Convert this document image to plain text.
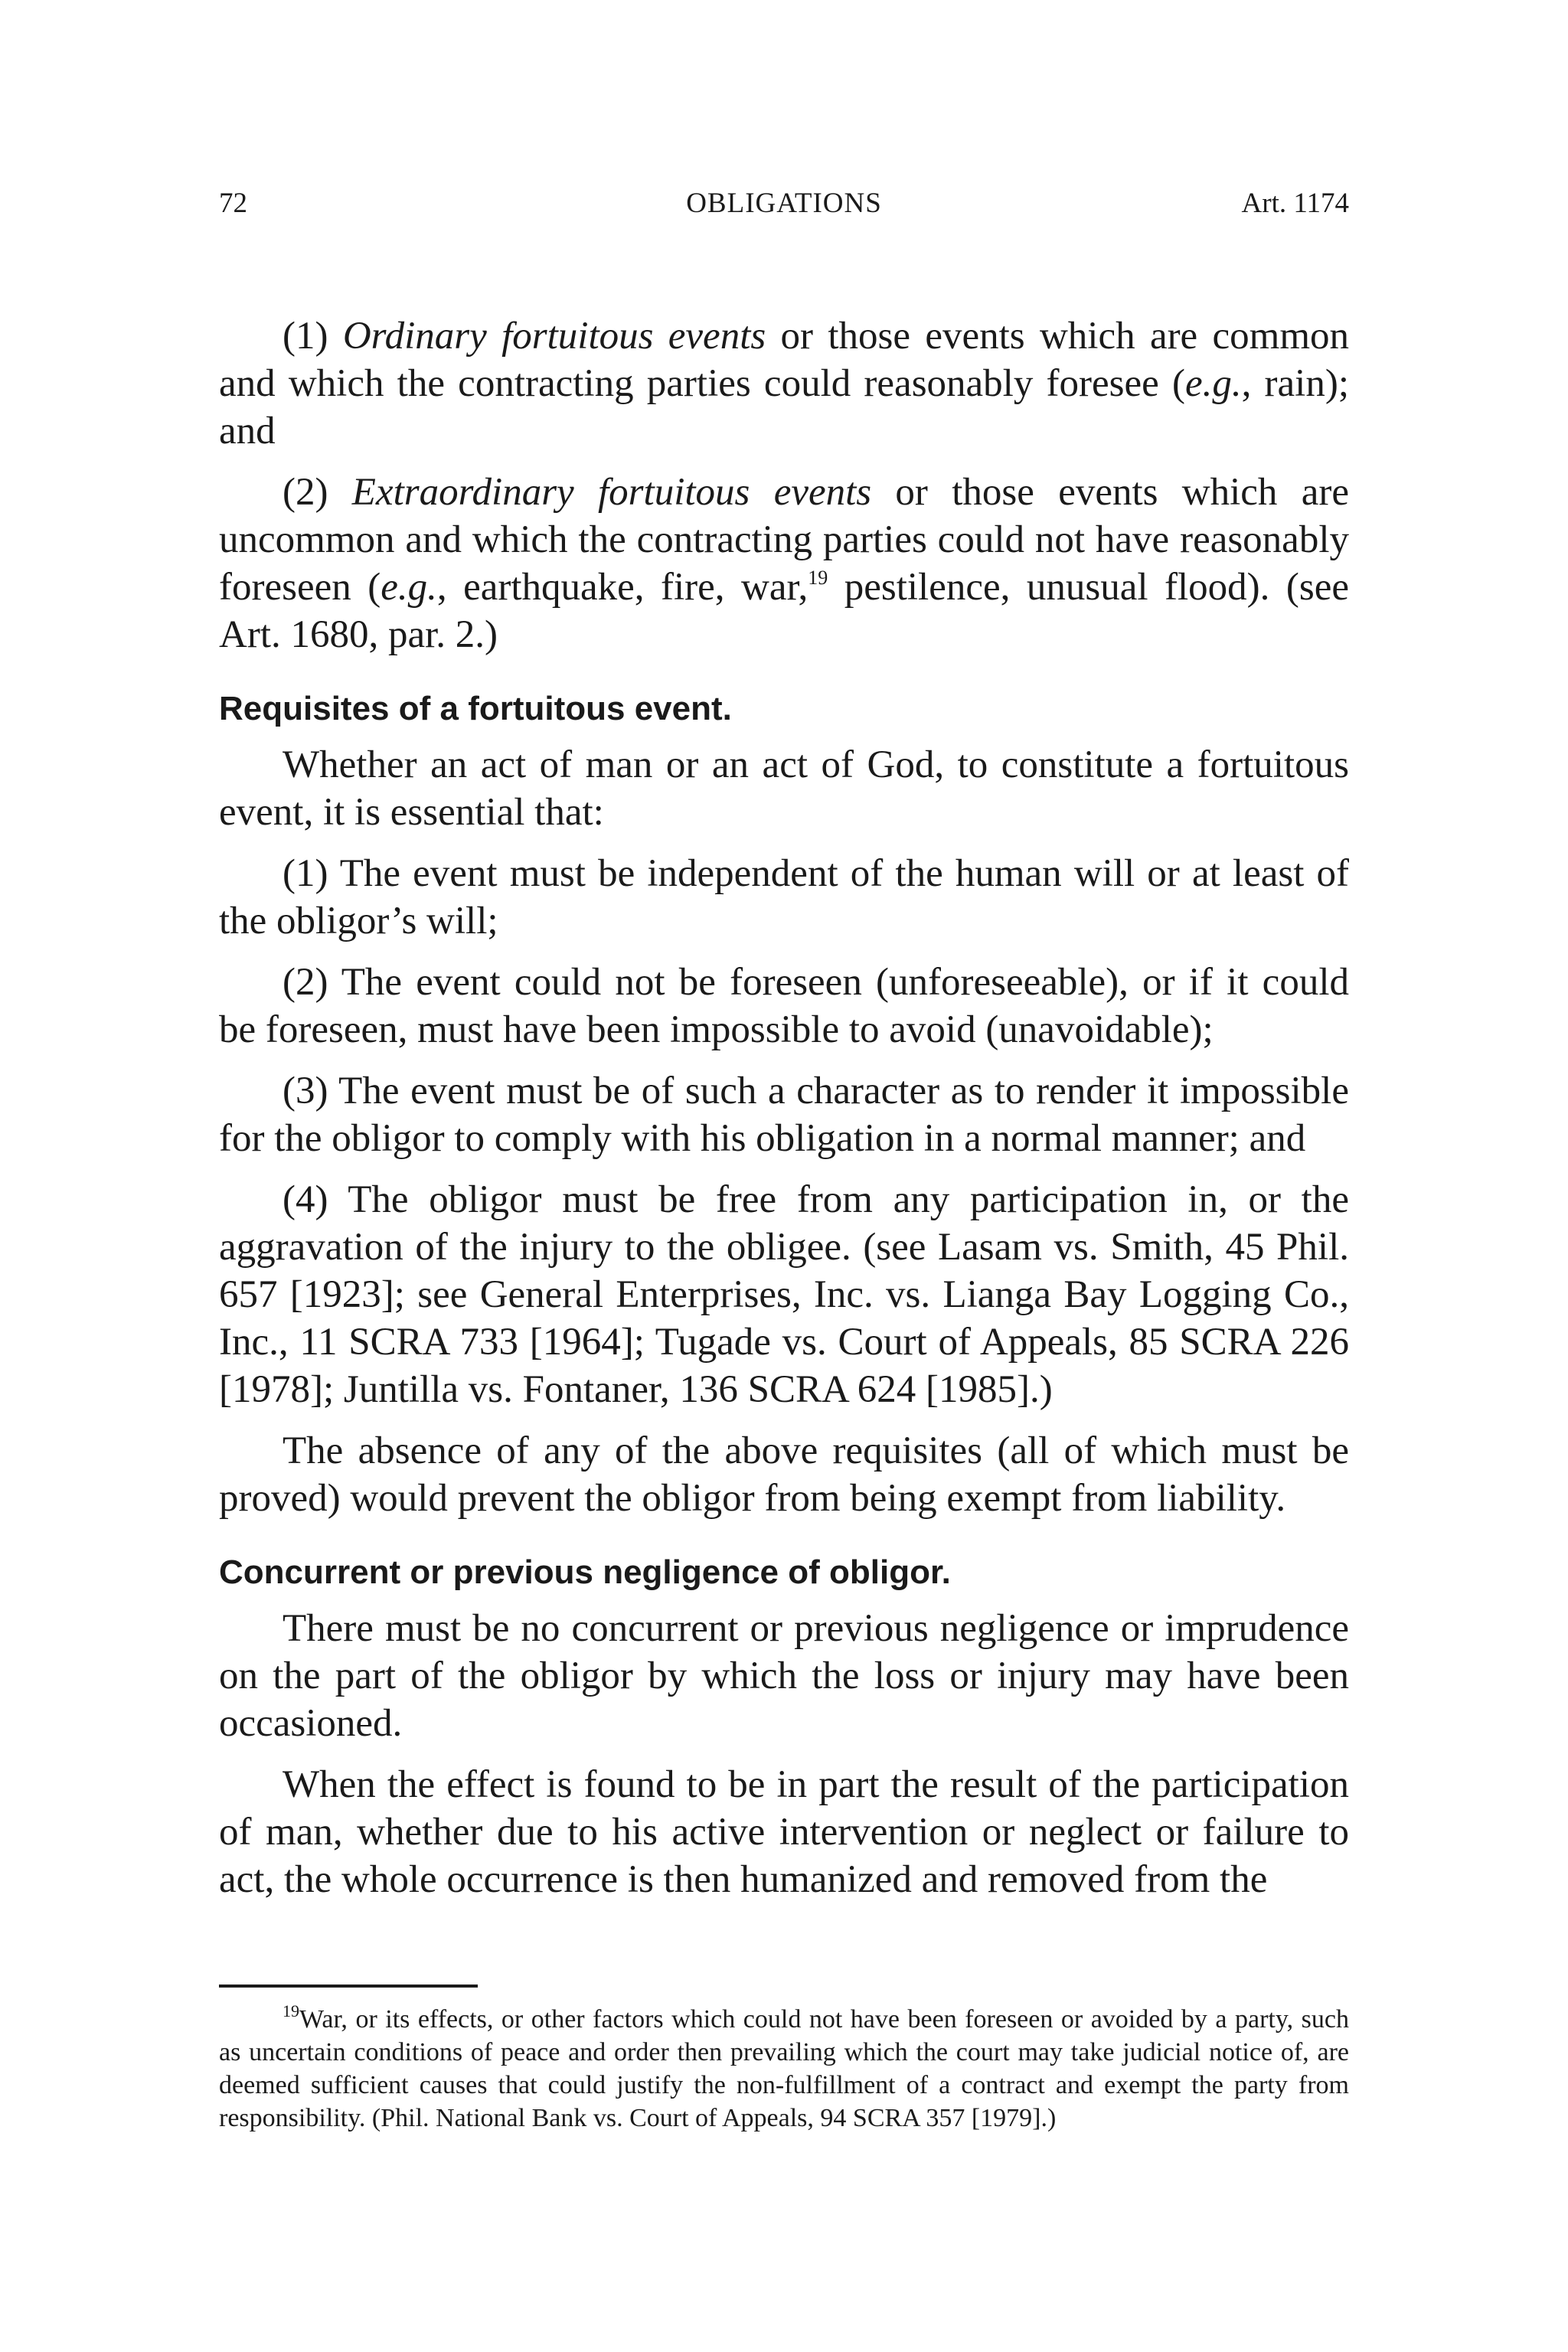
72	OBLIGATIONS	Art. 1174

(1) Ordinary fortuitous events or those events which are common and which the contracting parties could reasonably foresee (e.g., rain); and

(2) Extraordinary fortuitous events or those events which are uncommon and which the contracting parties could not have reasonably foreseen (e.g., earthquake, fire, war,$^{19}$ pestilence, unusual flood). (see Art. 1680, par. 2.)

Requisites of a fortuitous event.

Whether an act of man or an act of God, to constitute a fortuitous event, it is essential that:

(1) The event must be independent of the human will or at least of the obligor’s will;

(2) The event could not be foreseen (unforeseeable), or if it could be foreseen, must have been impossible to avoid (unavoidable);

(3) The event must be of such a character as to render it impossible for the obligor to comply with his obligation in a normal manner; and

(4) The obligor must be free from any participation in, or the aggravation of the injury to the obligee. (see Lasam vs. Smith, 45 Phil. 657 [1923]; see General Enterprises, Inc. vs. Lianga Bay Logging Co., Inc., 11 SCRA 733 [1964]; Tugade vs. Court of Appeals, 85 SCRA 226 [1978]; Juntilla vs. Fontaner, 136 SCRA 624 [1985].)

The absence of any of the above requisites (all of which must be proved) would prevent the obligor from being exempt from liability.

Concurrent or previous negligence of obligor.

There must be no concurrent or previous negligence or imprudence on the part of the obligor by which the loss or injury may have been occasioned.

When the effect is found to be in part the result of the participation of man, whether due to his active intervention or neglect or failure to act, the whole occurrence is then humanized and removed from the

$^{19}$War, or its effects, or other factors which could not have been foreseen or avoided by a party, such as uncertain conditions of peace and order then prevailing which the court may take judicial notice of, are deemed sufficient causes that could justify the non-fulfillment of a contract and exempt the party from responsibility. (Phil. National Bank vs. Court of Appeals, 94 SCRA 357 [1979].)
